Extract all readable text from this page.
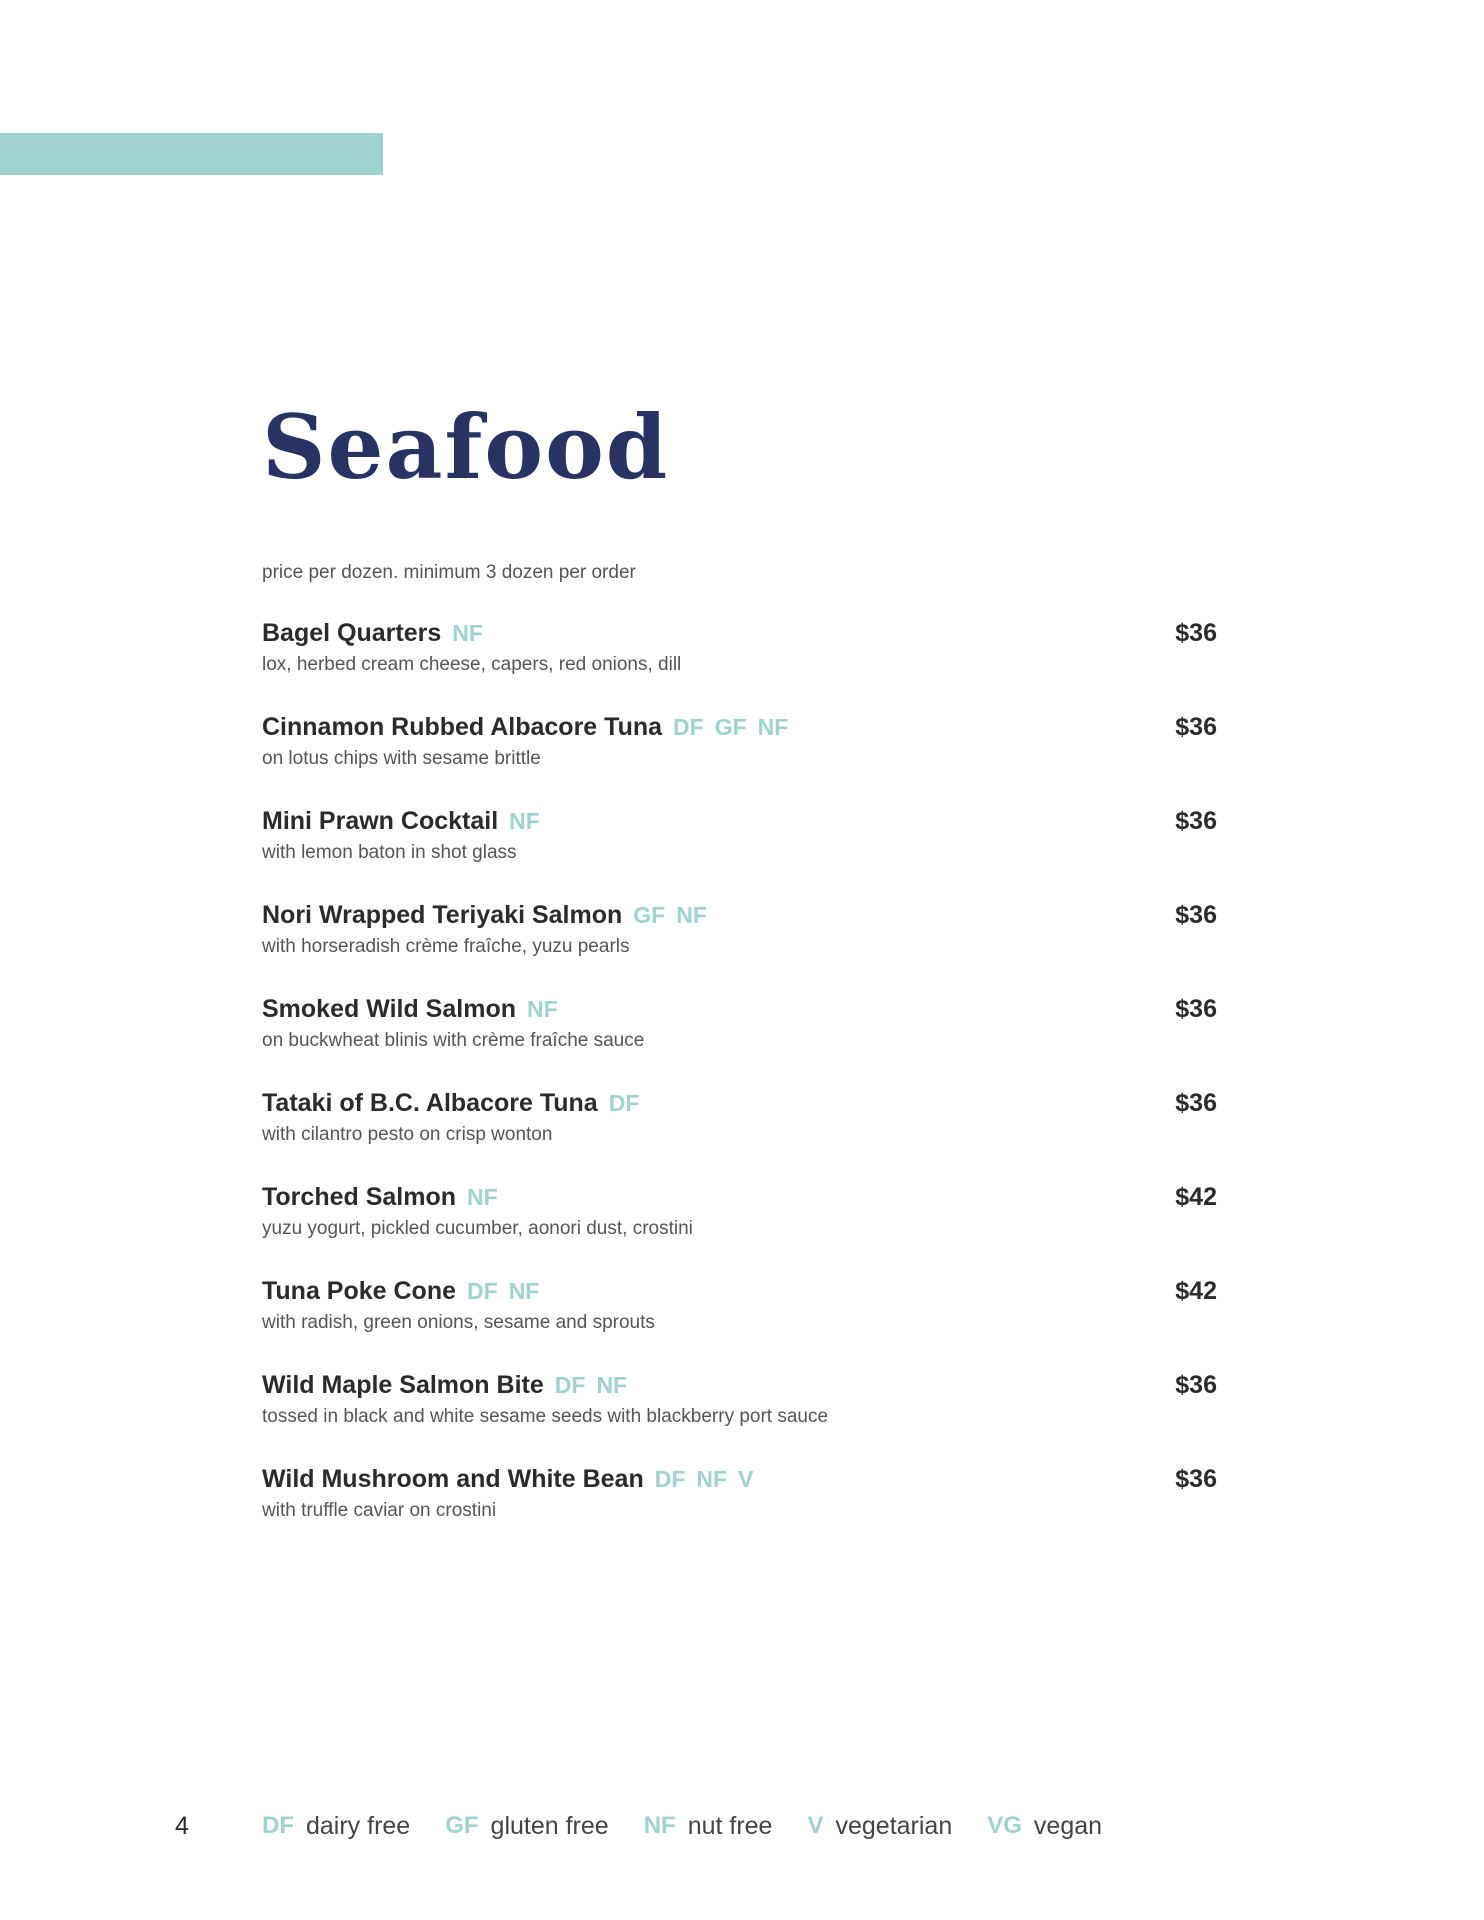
Seafood
price per dozen. minimum 3 dozen per order
Bagel Quarters NF	$36
lox, herbed cream cheese, capers, red onions, dill
Cinnamon Rubbed Albacore Tuna DF GF NF	$36
on lotus chips with sesame brittle
Mini Prawn Cocktail NF	$36
with lemon baton in shot glass
Nori Wrapped Teriyaki Salmon GF NF	$36
with horseradish crème fraîche, yuzu pearls
Smoked Wild Salmon NF	$36
on buckwheat blinis with crème fraîche sauce
Tataki of B.C. Albacore Tuna DF	$36
with cilantro pesto on crisp wonton
Torched Salmon NF	$42
yuzu yogurt, pickled cucumber, aonori dust, crostini
Tuna Poke Cone DF NF	$42
with radish, green onions, sesame and sprouts
Wild Maple Salmon Bite DF NF	$36
tossed in black and white sesame seeds with blackberry port sauce
Wild Mushroom and White Bean DF NF V	$36
with truffle caviar on crostini
4	DF dairy free GF gluten free NF nut free V vegetarian VG vegan
